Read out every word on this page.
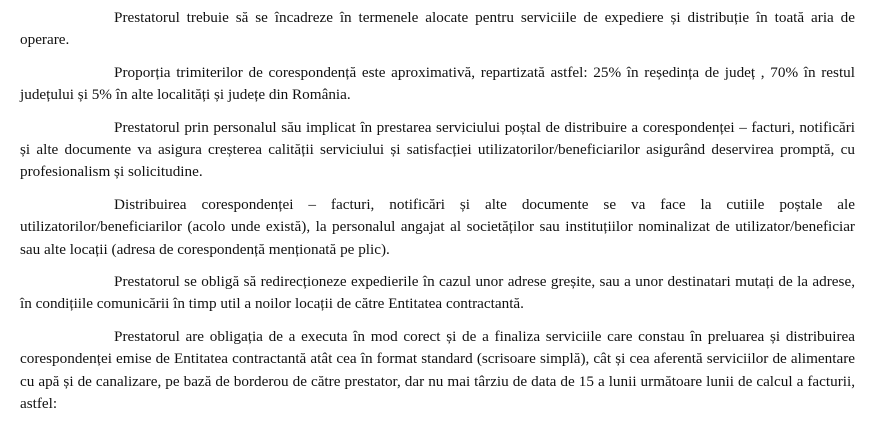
Prestatorul trebuie să se încadreze în termenele alocate pentru serviciile de expediere și distribuție în toată aria de operare.

Proporția trimiterilor de corespondență este aproximativă, repartizată astfel: 25% în reședința de județ , 70% în restul județului și 5% în alte localități și județe din România.

Prestatorul prin personalul său implicat în prestarea serviciului poștal de distribuire a corespondenței – facturi, notificări și alte documente va asigura creșterea calității serviciului și satisfacției utilizatorilor/beneficiarilor asigurând deservirea promptă, cu profesionalism și solicitudine.

Distribuirea corespondenței – facturi, notificări și alte documente se va face la cutiile poștale ale utilizatorilor/beneficiarilor (acolo unde există), la personalul angajat al societăților sau instituțiilor nominalizat de utilizator/beneficiar sau alte locații (adresa de corespondență menționată pe plic).

Prestatorul se obligă să redirecționeze expedierile în cazul unor adrese greșite, sau a unor destinatari mutați de la adrese, în condițiile comunicării în timp util a noilor locații de către Entitatea contractantă.

Prestatorul are obligația de a executa în mod corect și de a finaliza serviciile care constau în preluarea și distribuirea corespondenței emise de Entitatea contractantă atât cea în format standard (scrisoare simplă), cât și cea aferentă serviciilor de alimentare cu apă și de canalizare, pe bază de borderou de către prestator, dar nu mai târziu de data de 15 a lunii următoare lunii de calcul a facturii, astfel:
